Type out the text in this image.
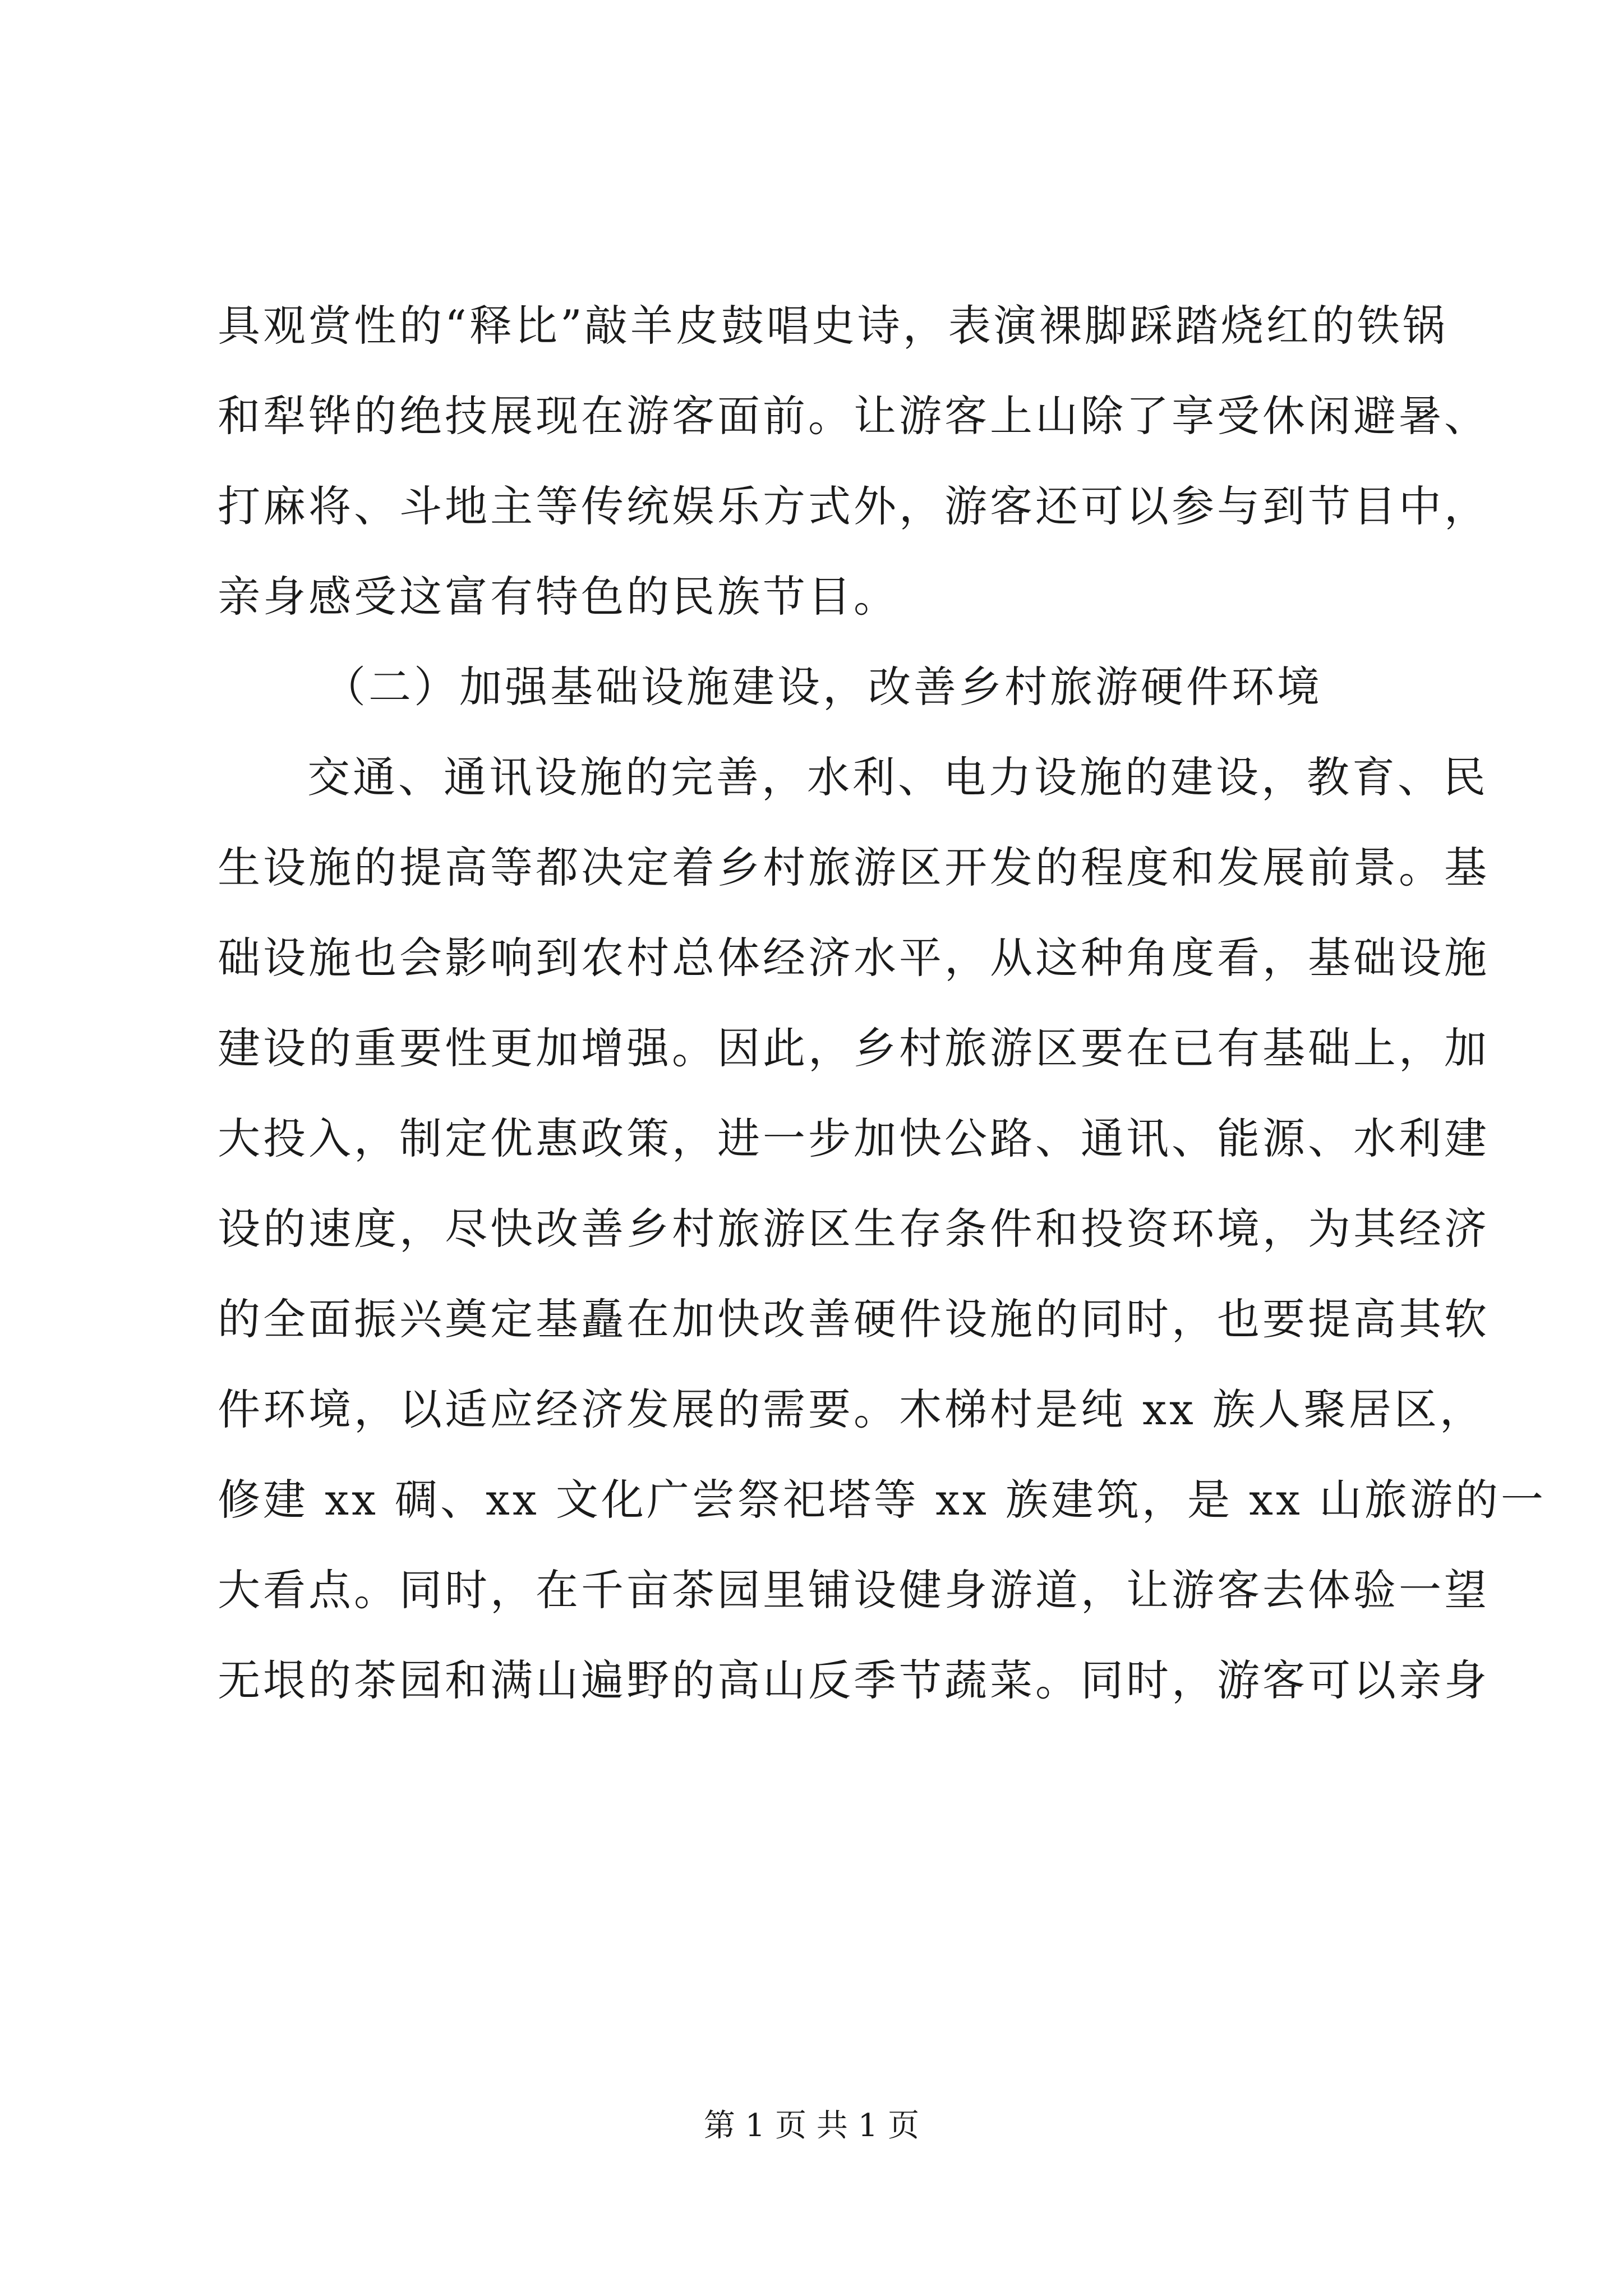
具观赏性的“释比”敲羊皮鼓唱史诗，表演裸脚踩踏烧红的铁锅
和犁铧的绝技展现在游客面前。让游客上山除了享受休闲避暑、
打麻将、斗地主等传统娱乐方式外，游客还可以参与到节目中，
亲身感受这富有特色的民族节目。
（二）加强基础设施建设，改善乡村旅游硬件环境
交通、通讯设施的完善，水利、电力设施的建设，教育、民
生设施的提高等都决定着乡村旅游区开发的程度和发展前景。基
础设施也会影响到农村总体经济水平，从这种角度看，基础设施
建设的重要性更加增强。因此，乡村旅游区要在已有基础上，加
大投入，制定优惠政策，进一步加快公路、通讯、能源、水利建
设的速度，尽快改善乡村旅游区生存条件和投资环境，为其经济
的全面振兴奠定基矗在加快改善硬件设施的同时，也要提高其软
件环境，以适应经济发展的需要。木梯村是纯 xx 族人聚居区，
修建 xx 碉、xx 文化广尝祭祀塔等 xx 族建筑，是 xx 山旅游的一
大看点。同时，在千亩茶园里铺设健身游道，让游客去体验一望
无垠的茶园和满山遍野的高山反季节蔬菜。同时，游客可以亲身
第 1 页 共 1 页
